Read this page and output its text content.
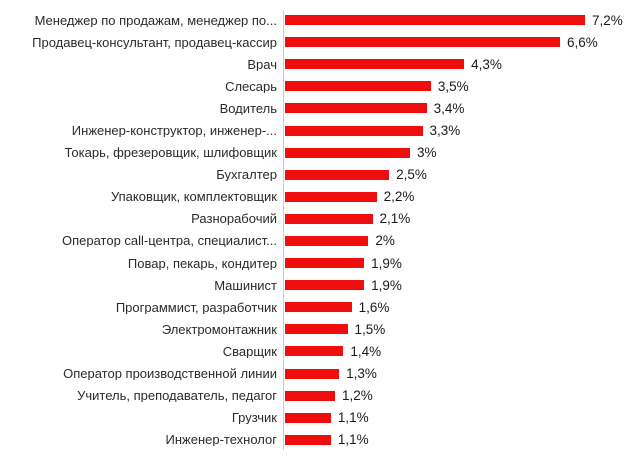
Менеджер по продажам, менеджер по...	7,2%
Продавец-консультант, продавец-кассир	6,6%
Врач	4,3%
Слесарь	3,5%
Водитель	3,4%
Инженер-конструктор, инженер-...	3,3%
Токарь, фрезеровщик, шлифовщик	3%
Бухгалтер	2,5%
Упаковщик, комплектовщик	2,2%
Разнорабочий	2,1%
Оператор call-центра, специалист...	2%
Повар, пекарь, кондитер	1,9%
Машинист	1,9%
Программист, разработчик	1,6%
Электромонтажник	1,5%
Сварщик	1,4%
Оператор производственной линии	1,3%
Учитель, преподаватель, педагог	1,2%
Грузчик	1,1%
Инженер-технолог	1,1%
